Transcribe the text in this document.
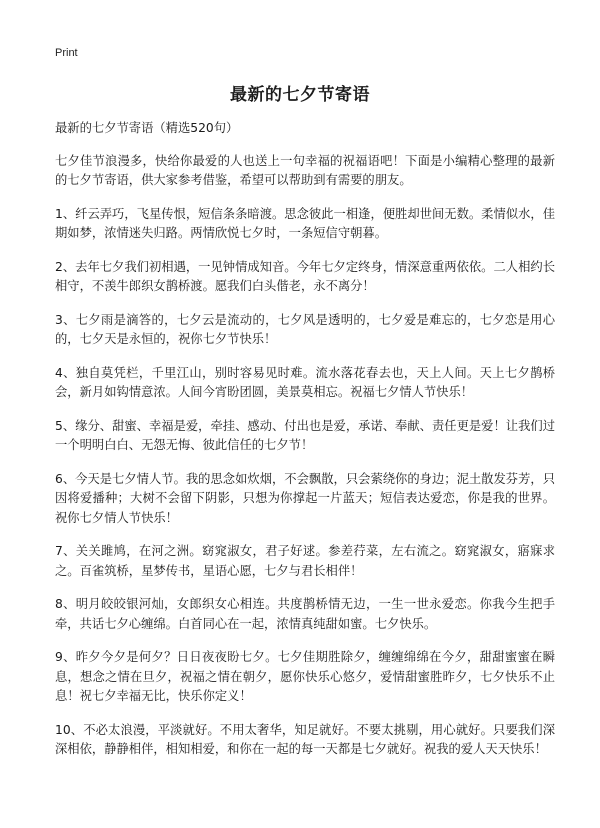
Print
最新的七夕节寄语

最新的七夕节寄语（精选520句）

七夕佳节浪漫多，快给你最爱的人也送上一句幸福的祝福语吧！下面是小编精心整理的最新的七夕节寄语，供大家参考借鉴，希望可以帮助到有需要的朋友。

1、纤云弄巧，飞星传恨，短信条条暗渡。思念彼此一相逢，便胜却世间无数。柔情似水，佳期如梦，浓情迷失归路。两情欣悦七夕时，一条短信守朝暮。

2、去年七夕我们初相遇，一见钟情成知音。今年七夕定终身，情深意重两依依。二人相约长相守，不羡牛郎织女鹊桥渡。愿我们白头偕老，永不离分！

3、七夕雨是滴答的，七夕云是流动的，七夕风是透明的，七夕爱是难忘的，七夕恋是用心的，七夕天是永恒的，祝你七夕节快乐！

4、独自莫凭栏，千里江山，别时容易见时难。流水落花春去也，天上人间。天上七夕鹊桥会，新月如钩情意浓。人间今宵盼团圆，美景莫相忘。祝福七夕情人节快乐！

5、缘分、甜蜜、幸福是爱，牵挂、感动、付出也是爱，承诺、奉献、责任更是爱！让我们过一个明明白白、无怨无悔、彼此信任的七夕节！

6、今天是七夕情人节。我的思念如炊烟，不会飘散，只会萦绕你的身边；泥土散发芬芳，只因将爱播种；大树不会留下阴影，只想为你撑起一片蓝天；短信表达爱恋，你是我的世界。祝你七夕情人节快乐！

7、关关雎鸠，在河之洲。窈窕淑女，君子好逑。参差荇菜，左右流之。窈窕淑女，寤寐求之。百雀筑桥，星梦传书，星语心愿，七夕与君长相伴！

8、明月皎皎银河灿，女郎织女心相连。共度鹊桥情无边，一生一世永爱恋。你我今生把手牵，共话七夕心缠绵。白首同心在一起，浓情真纯甜如蜜。七夕快乐。

9、昨夕今夕是何夕？日日夜夜盼七夕。七夕佳期胜除夕，缠缠绵绵在今夕，甜甜蜜蜜在瞬息，想念之情在旦夕，祝福之情在朝夕，愿你快乐心悠夕，爱情甜蜜胜昨夕，七夕快乐不止息！祝七夕幸福无比，快乐你定义！

10、不必太浪漫，平淡就好。不用太奢华，知足就好。不要太挑剔，用心就好。只要我们深深相依，静静相伴，相知相爱，和你在一起的每一天都是七夕就好。祝我的爱人天天快乐！
